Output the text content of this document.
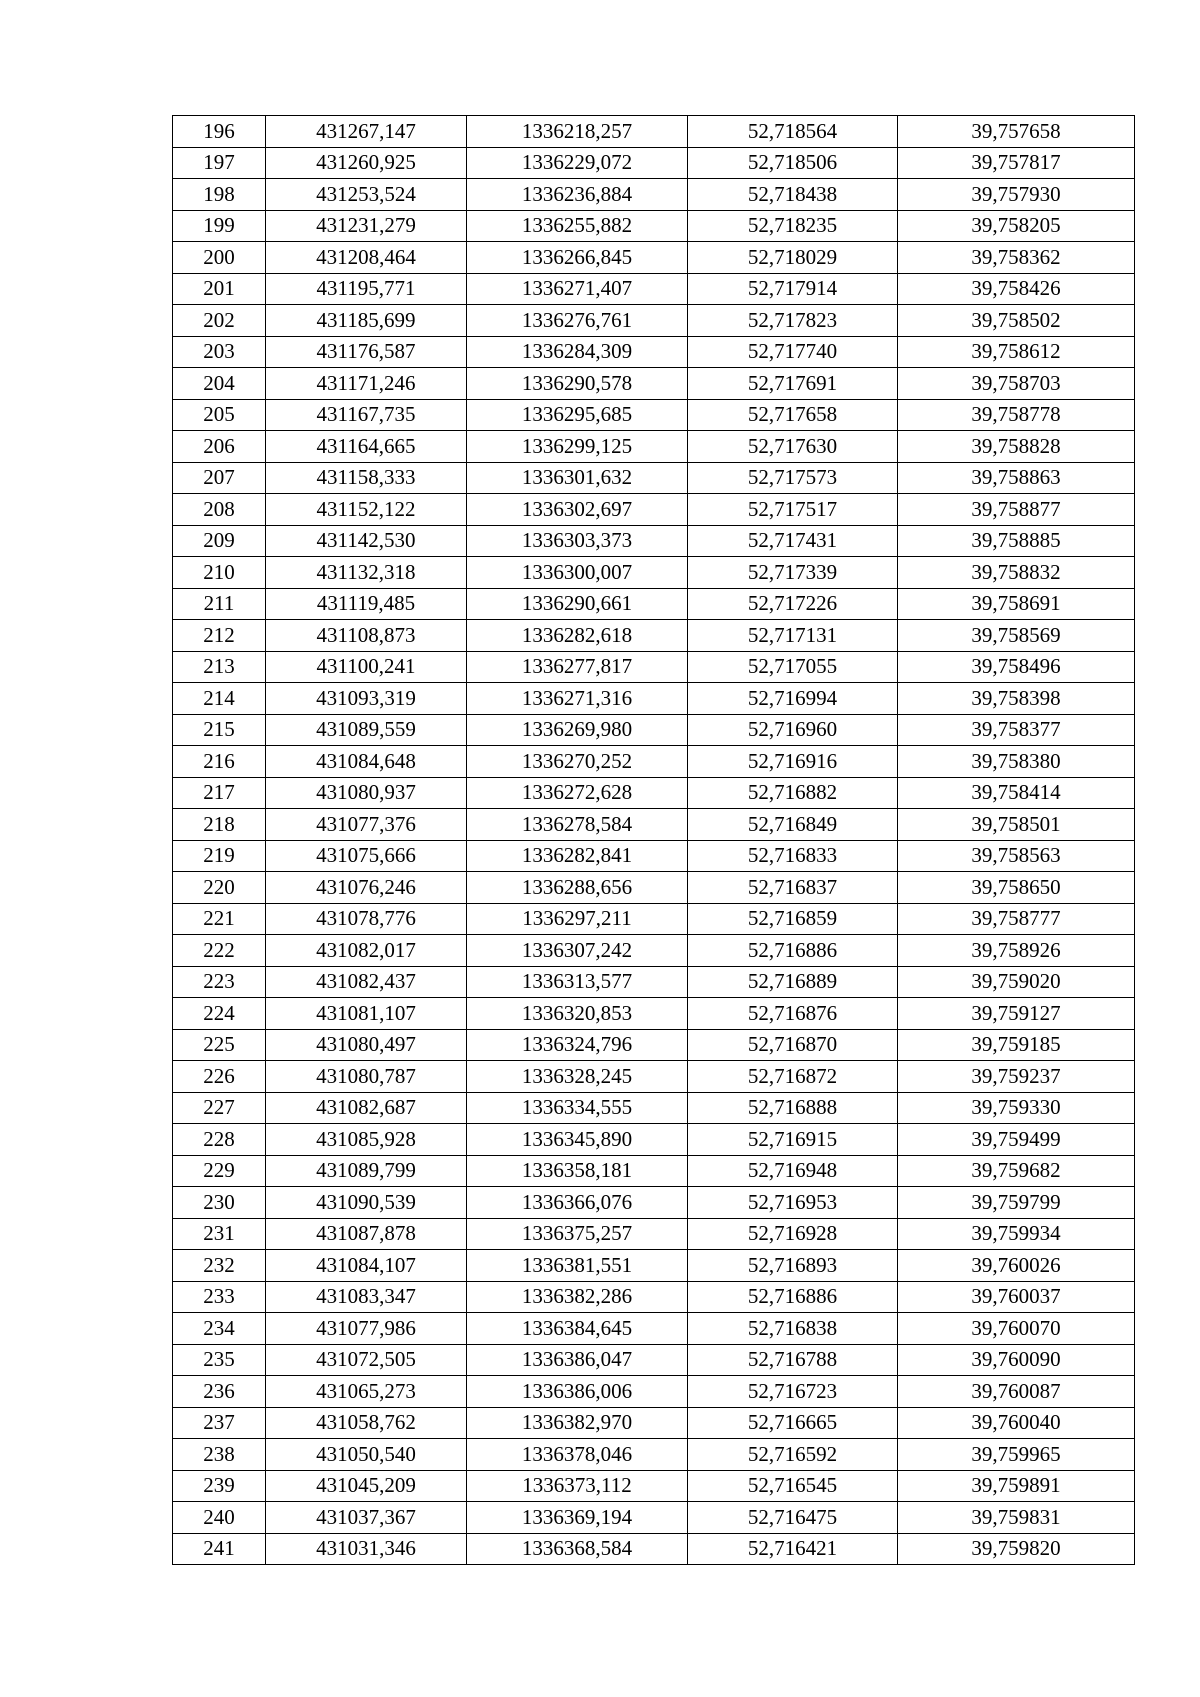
196	431267,147	1336218,257	52,718564	39,757658
197	431260,925	1336229,072	52,718506	39,757817
198	431253,524	1336236,884	52,718438	39,757930
199	431231,279	1336255,882	52,718235	39,758205
200	431208,464	1336266,845	52,718029	39,758362
201	431195,771	1336271,407	52,717914	39,758426
202	431185,699	1336276,761	52,717823	39,758502
203	431176,587	1336284,309	52,717740	39,758612
204	431171,246	1336290,578	52,717691	39,758703
205	431167,735	1336295,685	52,717658	39,758778
206	431164,665	1336299,125	52,717630	39,758828
207	431158,333	1336301,632	52,717573	39,758863
208	431152,122	1336302,697	52,717517	39,758877
209	431142,530	1336303,373	52,717431	39,758885
210	431132,318	1336300,007	52,717339	39,758832
211	431119,485	1336290,661	52,717226	39,758691
212	431108,873	1336282,618	52,717131	39,758569
213	431100,241	1336277,817	52,717055	39,758496
214	431093,319	1336271,316	52,716994	39,758398
215	431089,559	1336269,980	52,716960	39,758377
216	431084,648	1336270,252	52,716916	39,758380
217	431080,937	1336272,628	52,716882	39,758414
218	431077,376	1336278,584	52,716849	39,758501
219	431075,666	1336282,841	52,716833	39,758563
220	431076,246	1336288,656	52,716837	39,758650
221	431078,776	1336297,211	52,716859	39,758777
222	431082,017	1336307,242	52,716886	39,758926
223	431082,437	1336313,577	52,716889	39,759020
224	431081,107	1336320,853	52,716876	39,759127
225	431080,497	1336324,796	52,716870	39,759185
226	431080,787	1336328,245	52,716872	39,759237
227	431082,687	1336334,555	52,716888	39,759330
228	431085,928	1336345,890	52,716915	39,759499
229	431089,799	1336358,181	52,716948	39,759682
230	431090,539	1336366,076	52,716953	39,759799
231	431087,878	1336375,257	52,716928	39,759934
232	431084,107	1336381,551	52,716893	39,760026
233	431083,347	1336382,286	52,716886	39,760037
234	431077,986	1336384,645	52,716838	39,760070
235	431072,505	1336386,047	52,716788	39,760090
236	431065,273	1336386,006	52,716723	39,760087
237	431058,762	1336382,970	52,716665	39,760040
238	431050,540	1336378,046	52,716592	39,759965
239	431045,209	1336373,112	52,716545	39,759891
240	431037,367	1336369,194	52,716475	39,759831
241	431031,346	1336368,584	52,716421	39,759820
